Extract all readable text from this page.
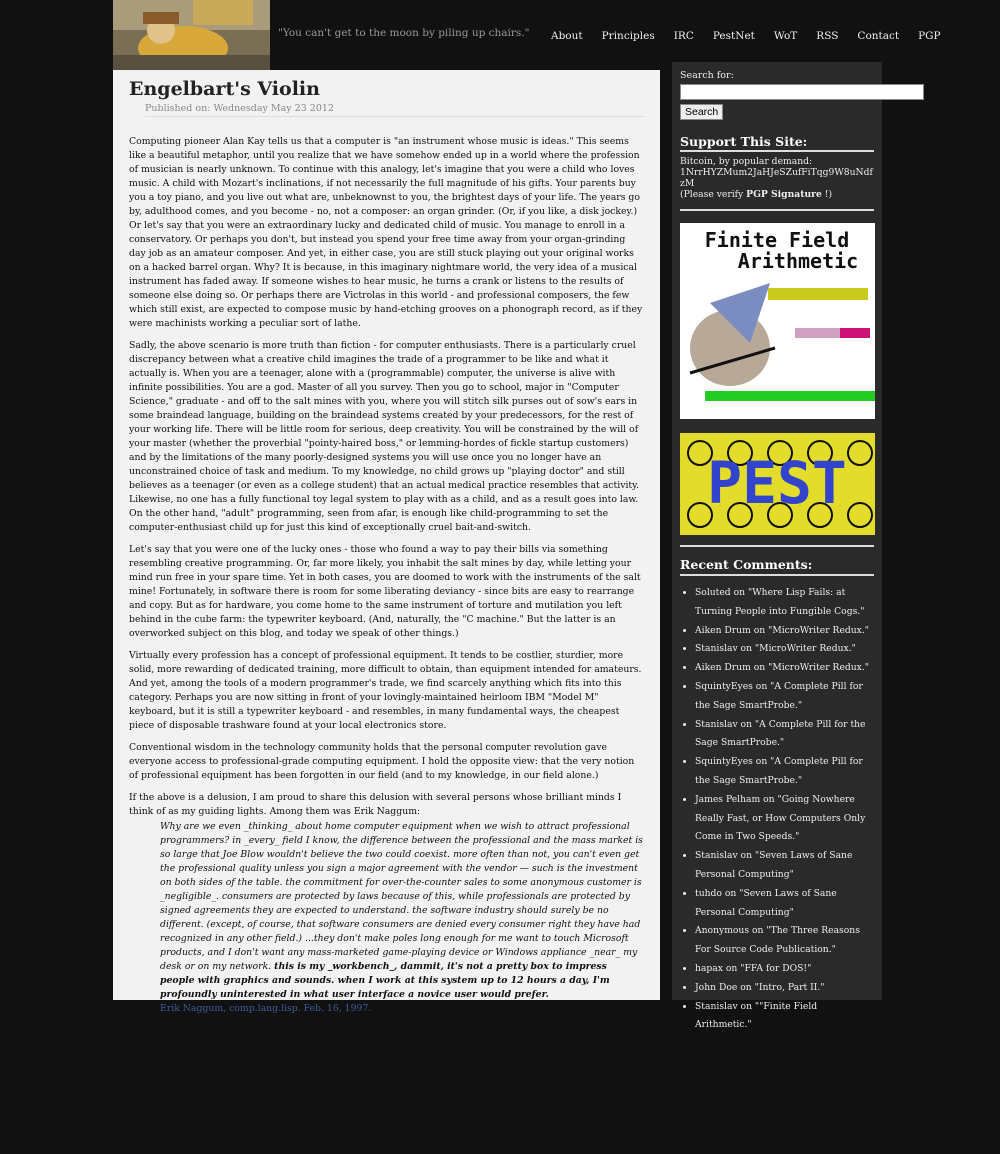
"You can't get to the moon by piling up chairs." About Principles IRC PestNet WoT RSS Contact PGP
Engelbart's Violin
Published on: Wednesday May 23 2012

Computing pioneer Alan Kay tells us that a computer is "an instrument whose music is ideas." This seems like a beautiful metaphor, until you realize that we have somehow ended up in a world where the profession of musician is nearly unknown. To continue with this analogy, let's imagine that you were a child who loves music. A child with Mozart's inclinations, if not necessarily the full magnitude of his gifts. Your parents buy you a toy piano, and you live out what are, unbeknownst to you, the brightest days of your life. The years go by, adulthood comes, and you become - no, not a composer: an organ grinder. (Or, if you like, a disk jockey.) Or let's say that you were an extraordinary lucky and dedicated child of music. You manage to enroll in a conservatory. Or perhaps you don't, but instead you spend your free time away from your organ-grinding day job as an amateur composer. And yet, in either case, you are still stuck playing out your original works on a hacked barrel organ. Why? It is because, in this imaginary nightmare world, the very idea of a musical instrument has faded away. If someone wishes to hear music, he turns a crank or listens to the results of someone else doing so. Or perhaps there are Victrolas in this world - and professional composers, the few which still exist, are expected to compose music by hand-etching grooves on a phonograph record, as if they were machinists working a peculiar sort of lathe.

Sadly, the above scenario is more truth than fiction - for computer enthusiasts. There is a particularly cruel discrepancy between what a creative child imagines the trade of a programmer to be like and what it actually is. When you are a teenager, alone with a (programmable) computer, the universe is alive with infinite possibilities. You are a god. Master of all you survey. Then you go to school, major in "Computer Science," graduate - and off to the salt mines with you, where you will stitch silk purses out of sow's ears in some braindead language, building on the braindead systems created by your predecessors, for the rest of your working life. There will be little room for serious, deep creativity. You will be constrained by the will of your master (whether the proverbial "pointy-haired boss," or lemming-hordes of fickle startup customers) and by the limitations of the many poorly-designed systems you will use once you no longer have an unconstrained choice of task and medium. To my knowledge, no child grows up "playing doctor" and still believes as a teenager (or even as a college student) that an actual medical practice resembles that activity. Likewise, no one has a fully functional toy legal system to play with as a child, and as a result goes into law. On the other hand, "adult" programming, seen from afar, is enough like child-programming to set the computer-enthusiast child up for just this kind of exceptionally cruel bait-and-switch.

Let's say that you were one of the lucky ones - those who found a way to pay their bills via something resembling creative programming. Or, far more likely, you inhabit the salt mines by day, while letting your mind run free in your spare time. Yet in both cases, you are doomed to work with the instruments of the salt mine! Fortunately, in software there is room for some liberating deviancy - since bits are easy to rearrange and copy. But as for hardware, you come home to the same instrument of torture and mutilation you left behind in the cube farm: the typewriter keyboard. (And, naturally, the "C machine." But the latter is an overworked subject on this blog, and today we speak of other things.)

Virtually every profession has a concept of professional equipment. It tends to be costlier, sturdier, more solid, more rewarding of dedicated training, more difficult to obtain, than equipment intended for amateurs. And yet, among the tools of a modern programmer's trade, we find scarcely anything which fits into this category. Perhaps you are now sitting in front of your lovingly-maintained heirloom IBM "Model M" keyboard, but it is still a typewriter keyboard - and resembles, in many fundamental ways, the cheapest piece of disposable trashware found at your local electronics store.

Conventional wisdom in the technology community holds that the personal computer revolution gave everyone access to professional-grade computing equipment. I hold the opposite view: that the very notion of professional equipment has been forgotten in our field (and to my knowledge, in our field alone.)

If the above is a delusion, I am proud to share this delusion with several persons whose brilliant minds I think of as my guiding lights. Among them was Erik Naggum:

Why are we even _thinking_ about home computer equipment when we wish to attract professional programmers? in _every_ field I know, the difference between the professional and the mass market is so large that Joe Blow wouldn't believe the two could coexist. more often than not, you can't even get the professional quality unless you sign a major agreement with the vendor — such is the investment on both sides of the table. the commitment for over-the-counter sales to some anonymous customer is _negligible_. consumers are protected by laws because of this, while professionals are protected by signed agreements they are expected to understand. the software industry should surely be no different. (except, of course, that software consumers are denied every consumer right they have had recognized in any other field.) ...they don't make poles long enough for me want to touch Microsoft products, and I don't want any mass-marketed game-playing device or Windows appliance _near_ my desk or on my network. this is my _workbench_, dammit, it's not a pretty box to impress people with graphics and sounds. when I work at this system up to 12 hours a day, I'm profoundly uninterested in what user interface a novice user would prefer.
Erik Naggum, comp.lang.lisp. Feb. 16, 1997. (Emphasis mine.)

And so, here we are, deskilled craftsmen, flippers of bits. Some of us fungible today, some tomorrow. Still performing the same old menial tasks by mouse instead of by lever -- the so-called Computer Revolution notwithstanding. Still "turning steam engine valves by hand." Still writing the same, dreary boilerplate code, again and again. On QWERTY keyboards...

You have probably heard of Douglas Engelbart: one of the very, very few genuinely great minds of the computing field. He is best known as the inventor of the computer mouse - but in fact, this man created just about all of the conceptual underpinnings of what we now think of as the standard human-computer interface. Arguably, he is single-handedly

Search for:

Search
Support This Site:
Bitcoin, by popular demand:
1NrrHYZMum2JaHJeSZufFiTqg9W8uNdfzM
(Please verify PGP Signature !)
Finite Field
Arithmetic
PEST
Recent Comments:
• Soluted on "Where Lisp Fails: at Turning People into Fungible Cogs."
• Aiken Drum on "MicroWriter Redux."
• Stanislav on "MicroWriter Redux."
• Aiken Drum on "MicroWriter Redux."
• SquintyEyes on "A Complete Pill for the Sage SmartProbe."
• Stanislav on "A Complete Pill for the Sage SmartProbe."
• SquintyEyes on "A Complete Pill for the Sage SmartProbe."
• James Pelham on "Going Nowhere Really Fast, or How Computers Only Come in Two Speeds."
• Stanislav on "Seven Laws of Sane Personal Computing"
• tuhdo on "Seven Laws of Sane Personal Computing"
• Anonymous on "The Three Reasons For Source Code Publication."
• hapax on "FFA for DOS!"
• John Doe on "Intro, Part II."
• Stanislav on ""Finite Field Arithmetic."
